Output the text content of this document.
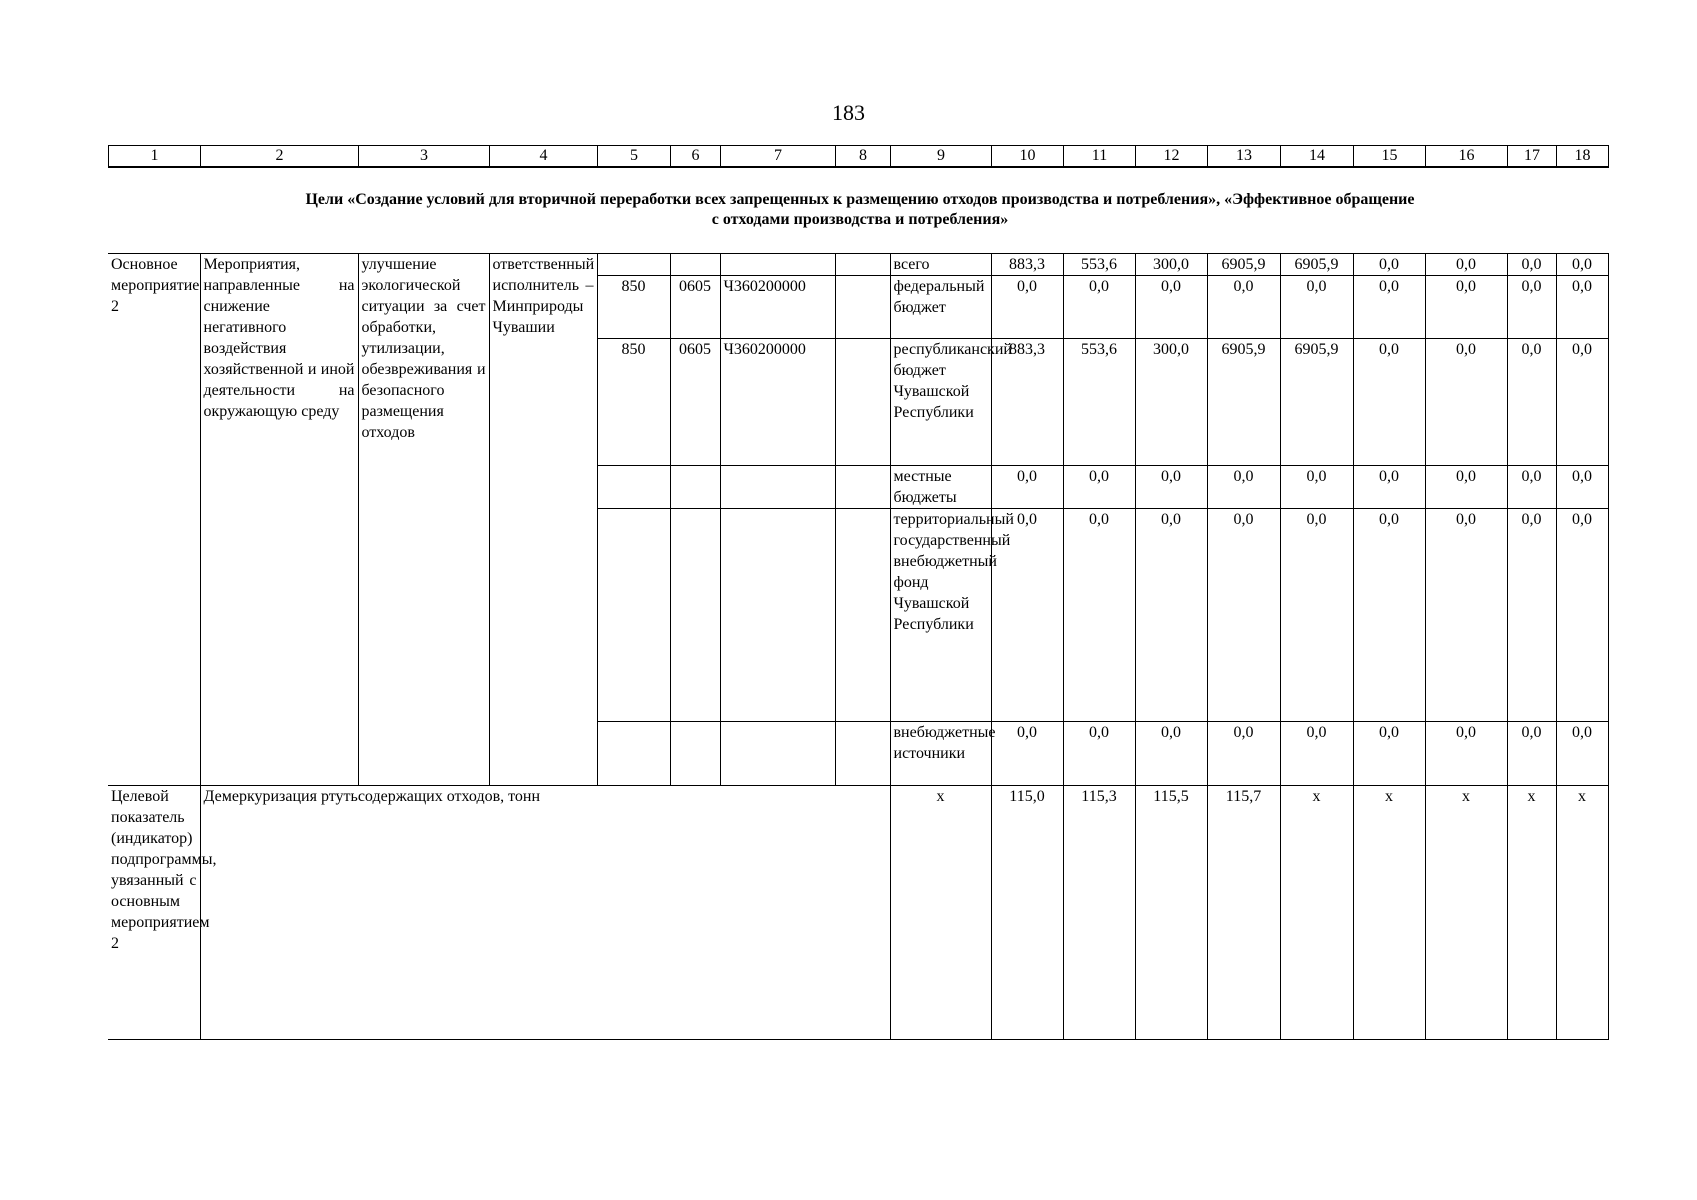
183
1	2	3	4	5	6	7	8	9	10	11	12	13	14	15	16	17	18
Цели «Создание условий для вторичной переработки всех запрещенных к размещению отходов производства и потребления», «Эффективное обращение
с отходами производства и потребления»
Основное мероприятие 2	Мероприятия, направленные на снижение негативного воздействия хозяйственной и иной деятельности на окружающую среду	улучшение экологической ситуации за счет обработки, утилизации, обезвреживания и безопасного размещения отходов	ответственный исполнитель – Минприроды Чувашии					всего	883,3	553,6	300,0	6905,9	6905,9	0,0	0,0	0,0	0,0
				850	0605	Ч360200000		федеральный бюджет	0,0	0,0	0,0	0,0	0,0	0,0	0,0	0,0	0,0
				850	0605	Ч360200000		республиканский бюджет Чувашской Республики	883,3	553,6	300,0	6905,9	6905,9	0,0	0,0	0,0	0,0
								местные бюджеты	0,0	0,0	0,0	0,0	0,0	0,0	0,0	0,0	0,0
								территориальный государственный внебюджетный фонд Чувашской Республики	0,0	0,0	0,0	0,0	0,0	0,0	0,0	0,0	0,0
								внебюджетные источники	0,0	0,0	0,0	0,0	0,0	0,0	0,0	0,0	0,0
Целевой показатель (индикатор) подпрограммы, увязанный с основным мероприятием 2	Демеркуризация ртутьсодержащих отходов, тонн							х	115,0	115,3	115,5	115,7	х	х	х	х	х
